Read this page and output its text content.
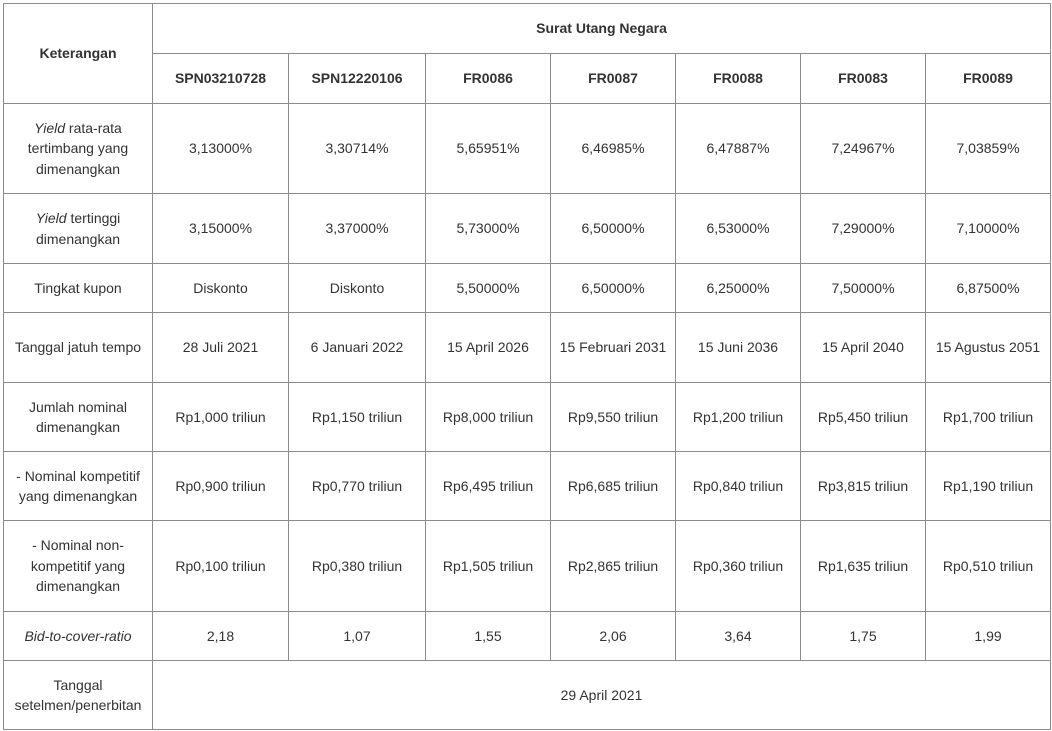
Keterangan	Surat Utang Negara						
	SPN03210728	SPN12220106	FR0086	FR0087	FR0088	FR0083	FR0089
Yield rata-rata tertimbang yang dimenangkan	3,13000%	3,30714%	5,65951%	6,46985%	6,47887%	7,24967%	7,03859%
Yield tertinggi dimenangkan	3,15000%	3,37000%	5,73000%	6,50000%	6,53000%	7,29000%	7,10000%
Tingkat kupon	Diskonto	Diskonto	5,50000%	6,50000%	6,25000%	7,50000%	6,87500%
Tanggal jatuh tempo	28 Juli 2021	6 Januari 2022	15 April 2026	15 Februari 2031	15 Juni 2036	15 April 2040	15 Agustus 2051
Jumlah nominal dimenangkan	Rp1,000 triliun	Rp1,150 triliun	Rp8,000 triliun	Rp9,550 triliun	Rp1,200 triliun	Rp5,450 triliun	Rp1,700 triliun
- Nominal kompetitif yang dimenangkan	Rp0,900 triliun	Rp0,770 triliun	Rp6,495 triliun	Rp6,685 triliun	Rp0,840 triliun	Rp3,815 triliun	Rp1,190 triliun
- Nominal non-kompetitif yang dimenangkan	Rp0,100 triliun	Rp0,380 triliun	Rp1,505 triliun	Rp2,865 triliun	Rp0,360 triliun	Rp1,635 triliun	Rp0,510 triliun
Bid-to-cover-ratio	2,18	1,07	1,55	2,06	3,64	1,75	1,99
Tanggal setelmen/penerbitan	29 April 2021						
